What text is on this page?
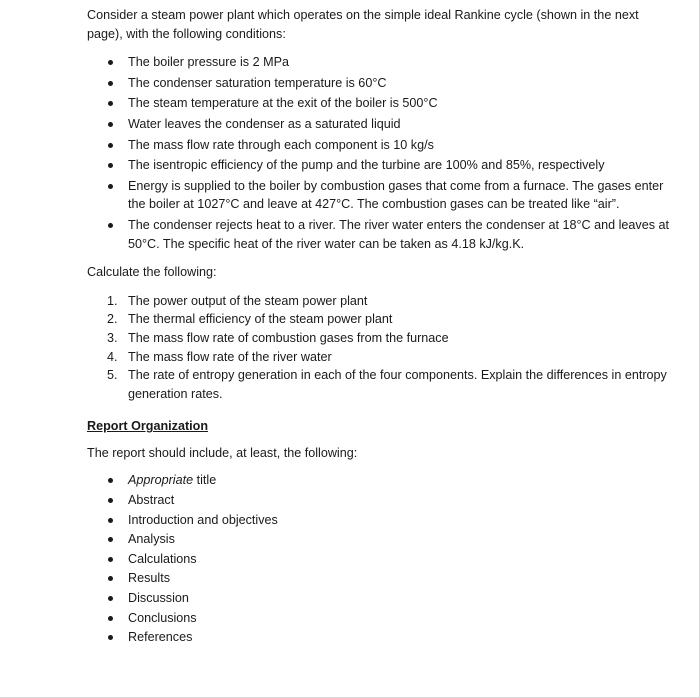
Consider a steam power plant which operates on the simple ideal Rankine cycle (shown in the next page), with the following conditions:

The boiler pressure is 2 MPa
The condenser saturation temperature is 60°C
The steam temperature at the exit of the boiler is 500°C
Water leaves the condenser as a saturated liquid
The mass flow rate through each component is 10 kg/s
The isentropic efficiency of the pump and the turbine are 100% and 85%, respectively
Energy is supplied to the boiler by combustion gases that come from a furnace. The gases enter the boiler at 1027°C and leave at 427°C. The combustion gases can be treated like “air”.
The condenser rejects heat to a river. The river water enters the condenser at 18°C and leaves at 50°C. The specific heat of the river water can be taken as 4.18 kJ/kg.K.

Calculate the following:

1. The power output of the steam power plant
2. The thermal efficiency of the steam power plant
3. The mass flow rate of combustion gases from the furnace
4. The mass flow rate of the river water
5. The rate of entropy generation in each of the four components. Explain the differences in entropy generation rates.

Report Organization

The report should include, at least, the following:

Appropriate title
Abstract
Introduction and objectives
Analysis
Calculations
Results
Discussion
Conclusions
References
